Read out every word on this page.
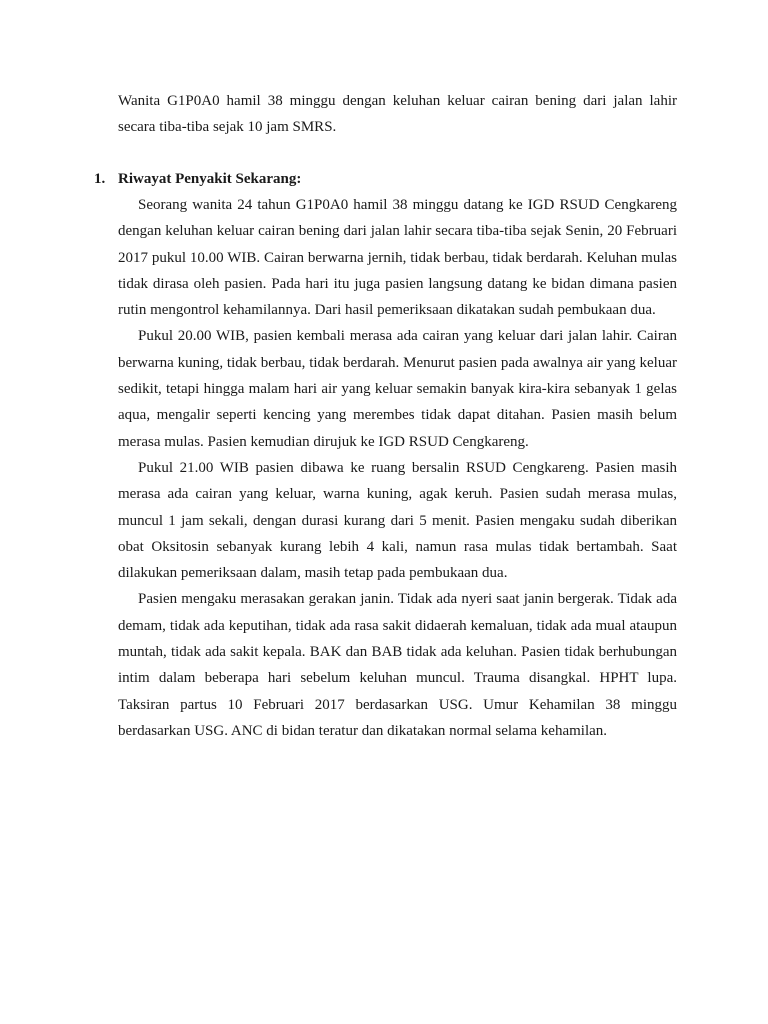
Wanita G1P0A0 hamil 38 minggu dengan keluhan keluar cairan bening dari jalan lahir secara tiba-tiba sejak 10 jam SMRS.

1. Riwayat Penyakit Sekarang:

Seorang wanita 24 tahun G1P0A0 hamil 38 minggu datang ke IGD RSUD Cengkareng dengan keluhan keluar cairan bening dari jalan lahir secara tiba-tiba sejak Senin, 20 Februari 2017 pukul 10.00 WIB. Cairan berwarna jernih, tidak berbau, tidak berdarah. Keluhan mulas tidak dirasa oleh pasien. Pada hari itu juga pasien langsung datang ke bidan dimana pasien rutin mengontrol kehamilannya. Dari hasil pemeriksaan dikatakan sudah pembukaan dua.

Pukul 20.00 WIB, pasien kembali merasa ada cairan yang keluar dari jalan lahir. Cairan berwarna kuning, tidak berbau, tidak berdarah. Menurut pasien pada awalnya air yang keluar sedikit, tetapi hingga malam hari air yang keluar semakin banyak kira-kira sebanyak 1 gelas aqua, mengalir seperti kencing yang merembes tidak dapat ditahan. Pasien masih belum merasa mulas. Pasien kemudian dirujuk ke IGD RSUD Cengkareng.

Pukul 21.00 WIB pasien dibawa ke ruang bersalin RSUD Cengkareng. Pasien masih merasa ada cairan yang keluar, warna kuning, agak keruh. Pasien sudah merasa mulas, muncul 1 jam sekali, dengan durasi kurang dari 5 menit. Pasien mengaku sudah diberikan obat Oksitosin sebanyak kurang lebih 4 kali, namun rasa mulas tidak bertambah. Saat dilakukan pemeriksaan dalam, masih tetap pada pembukaan dua.

Pasien mengaku merasakan gerakan janin. Tidak ada nyeri saat janin bergerak. Tidak ada demam, tidak ada keputihan, tidak ada rasa sakit didaerah kemaluan, tidak ada mual ataupun muntah, tidak ada sakit kepala. BAK dan BAB tidak ada keluhan. Pasien tidak berhubungan intim dalam beberapa hari sebelum keluhan muncul. Trauma disangkal. HPHT lupa. Taksiran partus 10 Februari 2017 berdasarkan USG. Umur Kehamilan 38 minggu berdasarkan USG. ANC di bidan teratur dan dikatakan normal selama kehamilan.
